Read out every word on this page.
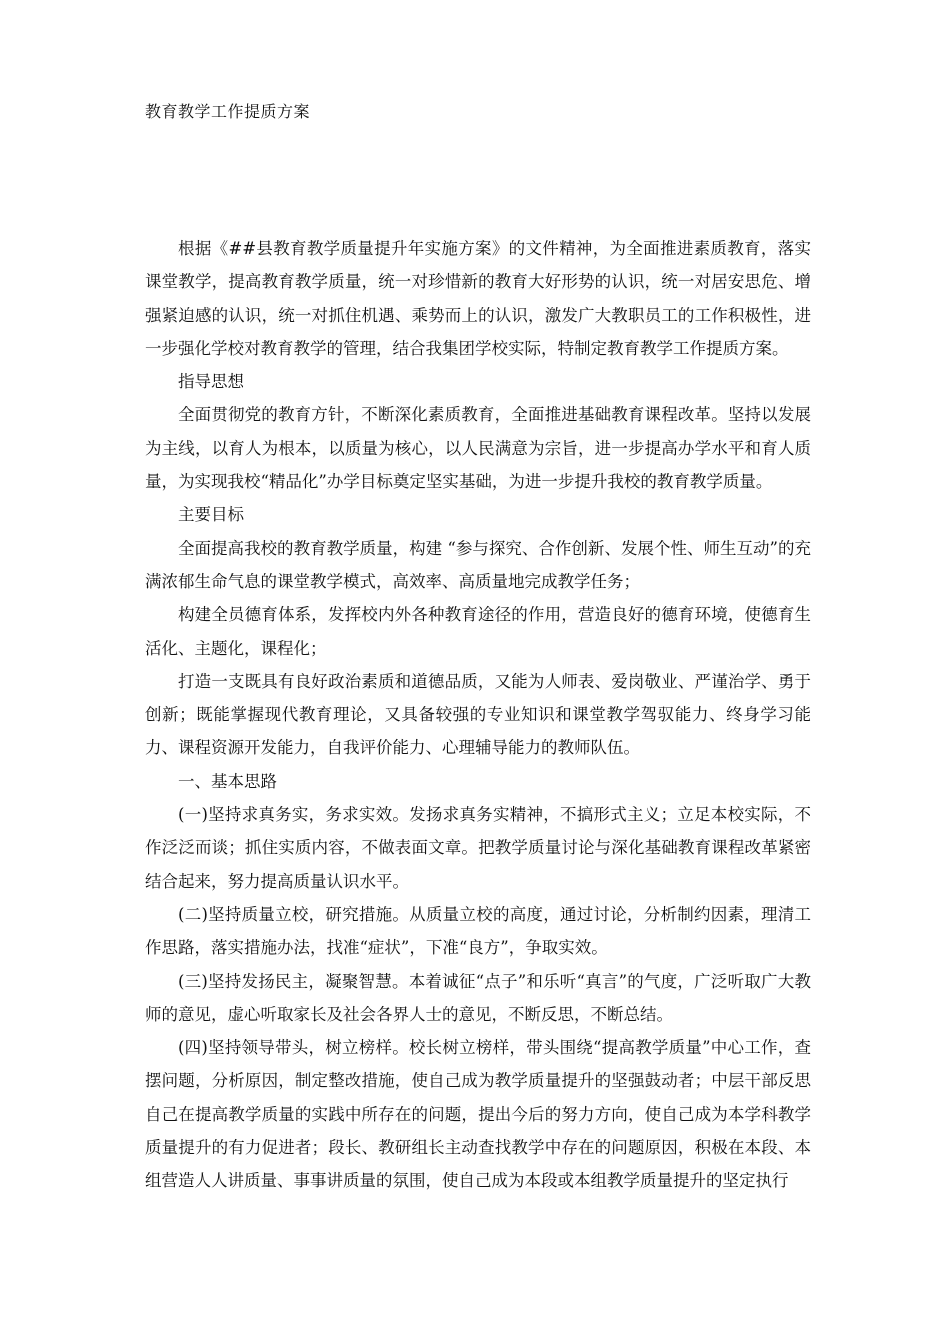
教育教学工作提质方案

根据《##县教育教学质量提升年实施方案》的文件精神，为全面推进素质教育，落实课堂教学，提高教育教学质量，统一对珍惜新的教育大好形势的认识，统一对居安思危、增强紧迫感的认识，统一对抓住机遇、乘势而上的认识，激发广大教职员工的工作积极性，进一步强化学校对教育教学的管理，结合我集团学校实际，特制定教育教学工作提质方案。

指导思想

全面贯彻党的教育方针，不断深化素质教育，全面推进基础教育课程改革。坚持以发展为主线，以育人为根本，以质量为核心，以人民满意为宗旨，进一步提高办学水平和育人质量，为实现我校“精品化”办学目标奠定坚实基础，为进一步提升我校的教育教学质量。

主要目标

全面提高我校的教育教学质量，构建 “参与探究、合作创新、发展个性、师生互动”的充满浓郁生命气息的课堂教学模式，高效率、高质量地完成教学任务；

构建全员德育体系，发挥校内外各种教育途径的作用，营造良好的德育环境，使德育生活化、主题化，课程化；

打造一支既具有良好政治素质和道德品质，又能为人师表、爱岗敬业、严谨治学、勇于创新；既能掌握现代教育理论，又具备较强的专业知识和课堂教学驾驭能力、终身学习能力、课程资源开发能力，自我评价能力、心理辅导能力的教师队伍。

一、基本思路

(一)坚持求真务实，务求实效。发扬求真务实精神，不搞形式主义；立足本校实际，不作泛泛而谈；抓住实质内容，不做表面文章。把教学质量讨论与深化基础教育课程改革紧密结合起来，努力提高质量认识水平。

(二)坚持质量立校，研究措施。从质量立校的高度，通过讨论，分析制约因素，理清工作思路，落实措施办法，找准“症状”，下准“良方”，争取实效。

(三)坚持发扬民主，凝聚智慧。本着诚征“点子”和乐听“真言”的气度，广泛听取广大教师的意见，虚心听取家长及社会各界人士的意见，不断反思，不断总结。

(四)坚持领导带头，树立榜样。校长树立榜样，带头围绕“提高教学质量”中心工作，查摆问题，分析原因，制定整改措施，使自己成为教学质量提升的坚强鼓动者；中层干部反思自己在提高教学质量的实践中所存在的问题，提出今后的努力方向，使自己成为本学科教学质量提升的有力促进者；段长、教研组长主动查找教学中存在的问题原因，积极在本段、本组营造人人讲质量、事事讲质量的氛围，使自己成为本段或本组教学质量提升的坚定执行
